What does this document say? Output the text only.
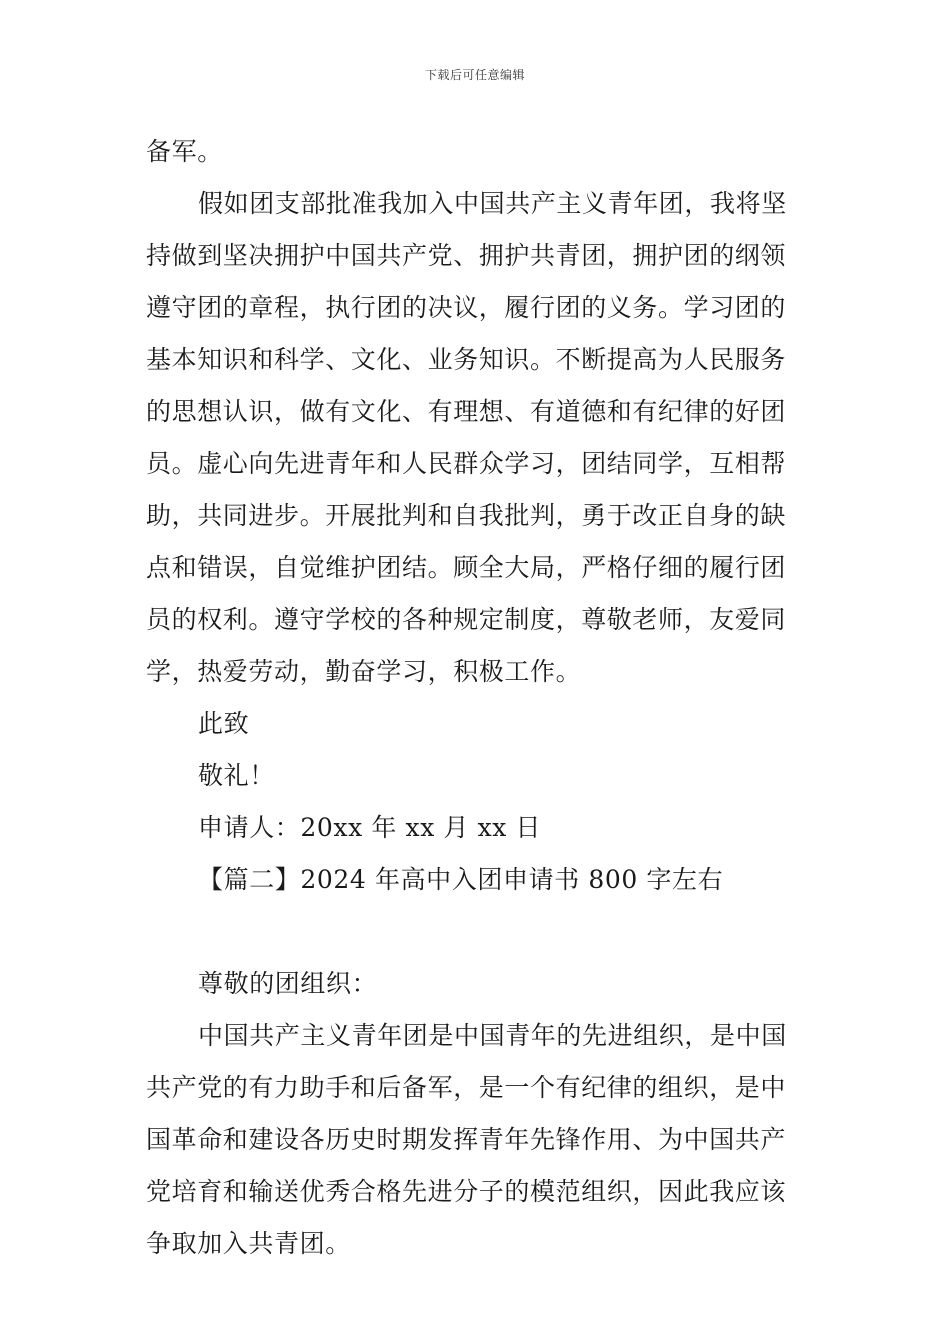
下载后可任意编辑
备军。
假如团支部批准我加入中国共产主义青年团，我将坚
持做到坚决拥护中国共产党、拥护共青团，拥护团的纲领
遵守团的章程，执行团的决议，履行团的义务。学习团的
基本知识和科学、文化、业务知识。不断提高为人民服务
的思想认识，做有文化、有理想、有道德和有纪律的好团
员。虚心向先进青年和人民群众学习，团结同学，互相帮
助，共同进步。开展批判和自我批判，勇于改正自身的缺
点和错误，自觉维护团结。顾全大局，严格仔细的履行团
员的权利。遵守学校的各种规定制度，尊敬老师，友爱同
学，热爱劳动，勤奋学习，积极工作。
此致
敬礼！
申请人：20xx 年 xx 月 xx 日
【篇二】2024 年高中入团申请书 800 字左右
尊敬的团组织：
中国共产主义青年团是中国青年的先进组织，是中国
共产党的有力助手和后备军，是一个有纪律的组织，是中
国革命和建设各历史时期发挥青年先锋作用、为中国共产
党培育和输送优秀合格先进分子的模范组织，因此我应该
争取加入共青团。
